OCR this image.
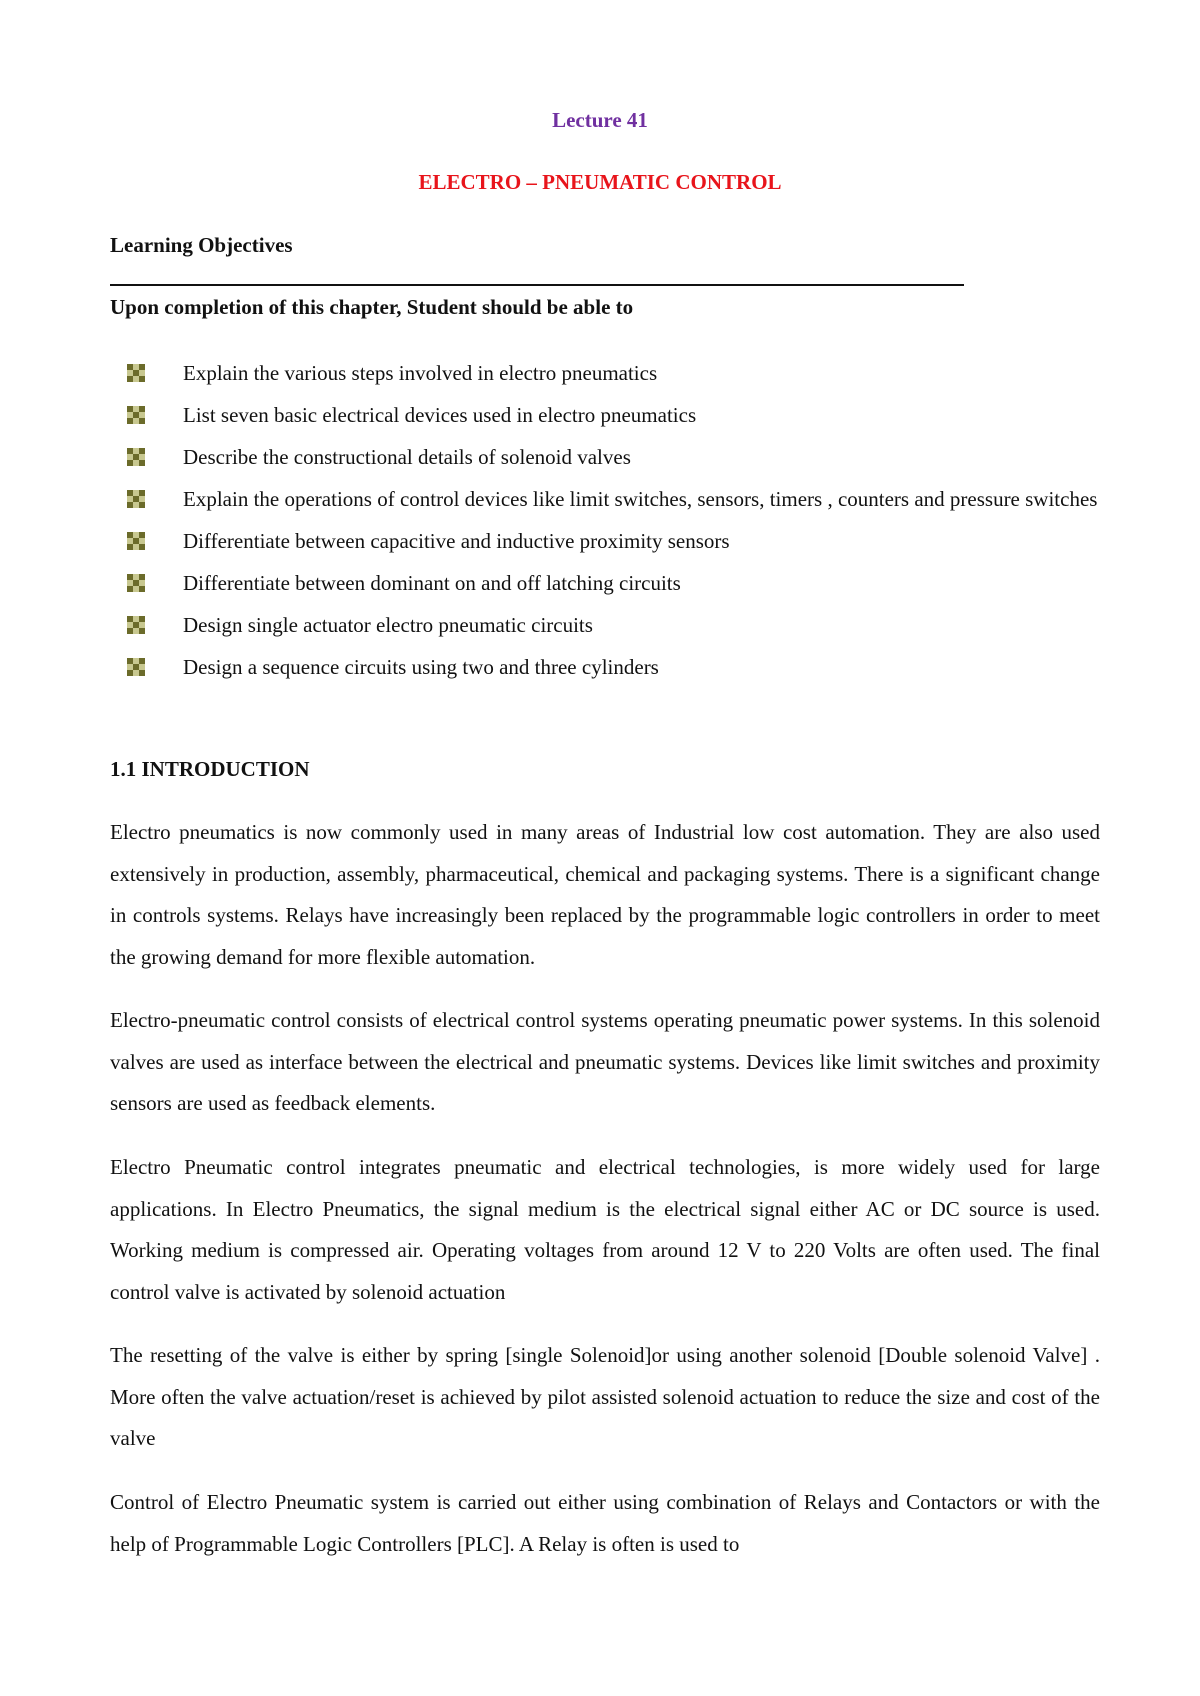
Lecture 41
ELECTRO – PNEUMATIC CONTROL
Learning Objectives
Upon completion of this chapter, Student should be able to
Explain the various steps involved in electro pneumatics
List seven basic electrical devices used in electro pneumatics
Describe the constructional details of solenoid valves
Explain the operations of control devices like limit switches, sensors, timers , counters and pressure switches
Differentiate between capacitive and inductive proximity sensors
Differentiate between dominant on and off latching circuits
Design single actuator electro pneumatic circuits
Design a sequence circuits using two and three cylinders
1.1 INTRODUCTION

Electro pneumatics is now commonly used in many areas of Industrial low cost automation. They are also used extensively in production, assembly, pharmaceutical, chemical and packaging systems. There is a significant change in controls systems. Relays have increasingly been replaced by the programmable logic controllers in order to meet the growing demand for more flexible automation.

Electro-pneumatic control consists of electrical control systems operating pneumatic power systems. In this solenoid valves are used as interface between the electrical and pneumatic systems. Devices like limit switches and proximity sensors are used as feedback elements.

Electro Pneumatic control integrates pneumatic and electrical technologies, is more widely used for large applications. In Electro Pneumatics, the signal medium is the electrical signal either AC or DC source is used. Working medium is compressed air. Operating voltages from around 12 V to 220 Volts are often used. The final control valve is activated by solenoid actuation

The resetting of the valve is either by spring [single Solenoid]or using another solenoid [Double solenoid Valve] . More often the valve actuation/reset is achieved by pilot assisted solenoid actuation to reduce the size and cost of the valve

Control of Electro Pneumatic system is carried out either using combination of Relays and Contactors or with the help of Programmable Logic Controllers [PLC]. A Relay is often is used to
